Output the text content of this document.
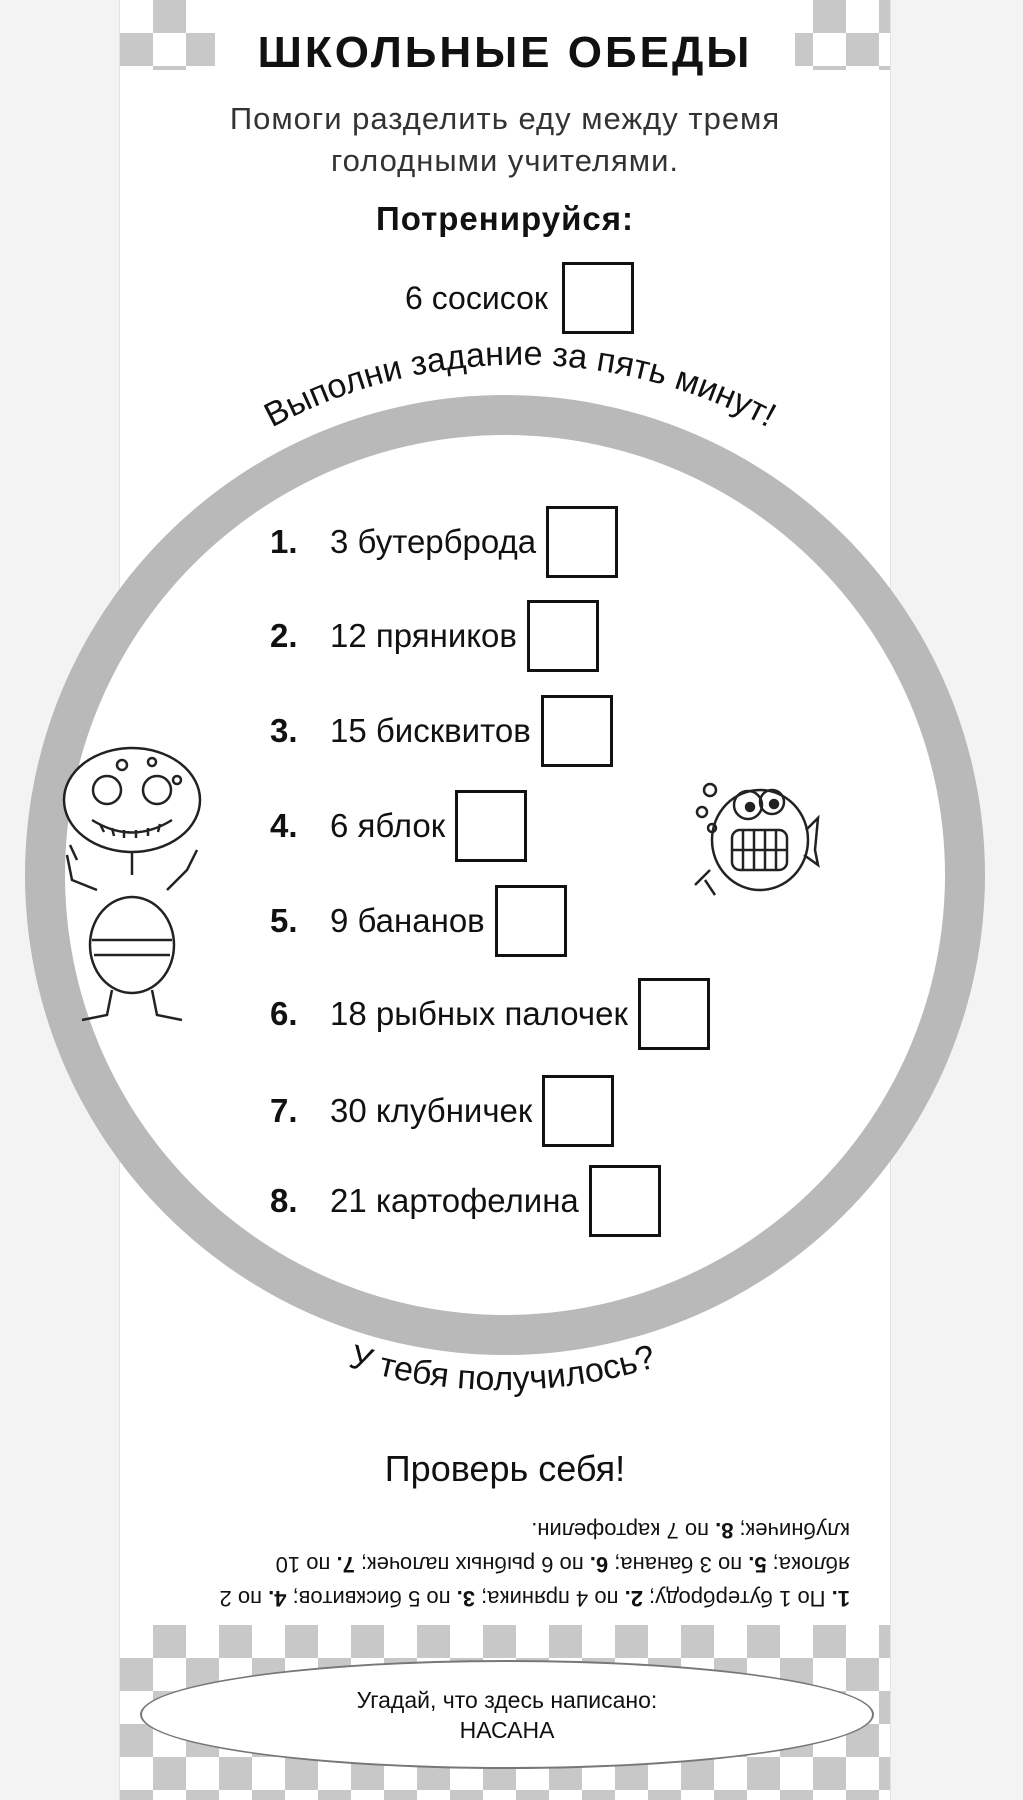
ШКОЛЬНЫЕ ОБЕДЫ
Помоги разделить еду между тремя
голодными учителями.
Потренируйся:
6 сосисок
Выполни задание за пять минут!
У тебя получилось?
1. 3 бутерброда
2. 12 пряников
3. 15 бисквитов
4. 6 яблок
5. 9 бананов
6. 18 рыбных палочек
7. 30 клубничек
8. 21 картофелина
Проверь себя!
1. По 1 бутерброду; 2. по 4 пряника; 3. по 5 бисквитов; 4. по 2 яблока; 5. по 3 банана; 6. по 6 рыбных палочек; 7. по 10 клубничек; 8. по 7 картофелин.
Угадай, что здесь написано:
НАСАНА
